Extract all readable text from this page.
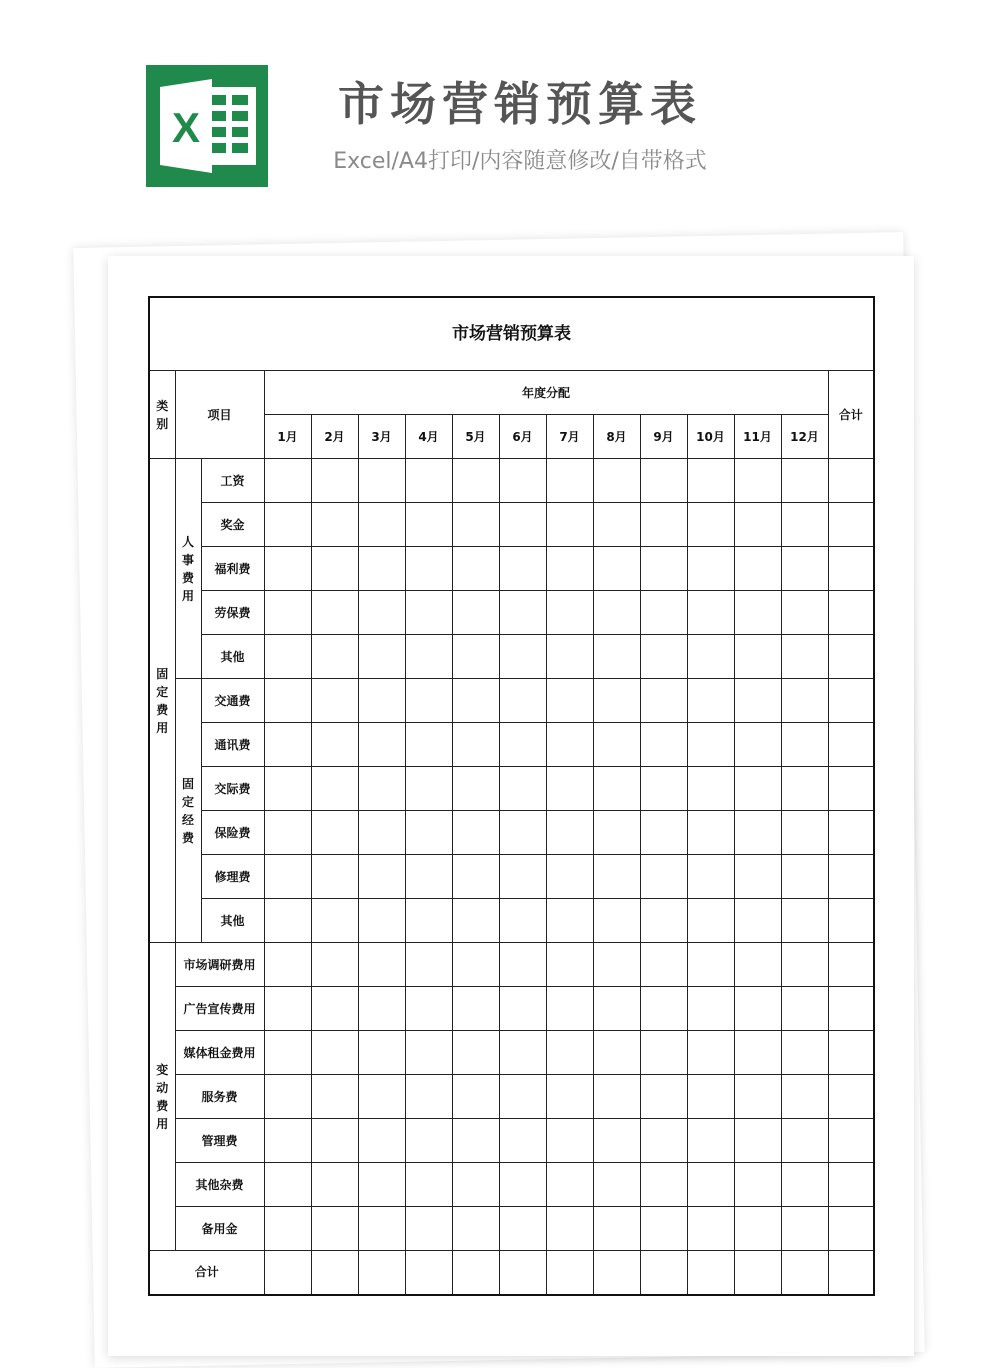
X	市场营销预算表
Excel/A4打印/内容随意修改/自带格式
市场营销预算表															
类别	项目		年度分配												合计
			1月	2月	3月	4月	5月	6月	7月	8月	9月	10月	11月	12月	
固定费用	人事费用	工资													
		奖金													
		福利费													
		劳保费													
		其他													
	固定经费	交通费													
		通讯费													
		交际费													
		保险费													
		修理费													
		其他													
变动费用	市场调研费用														
	广告宣传费用														
	媒体租金费用														
	服务费														
	管理费														
	其他杂费														
	备用金														
合计															
